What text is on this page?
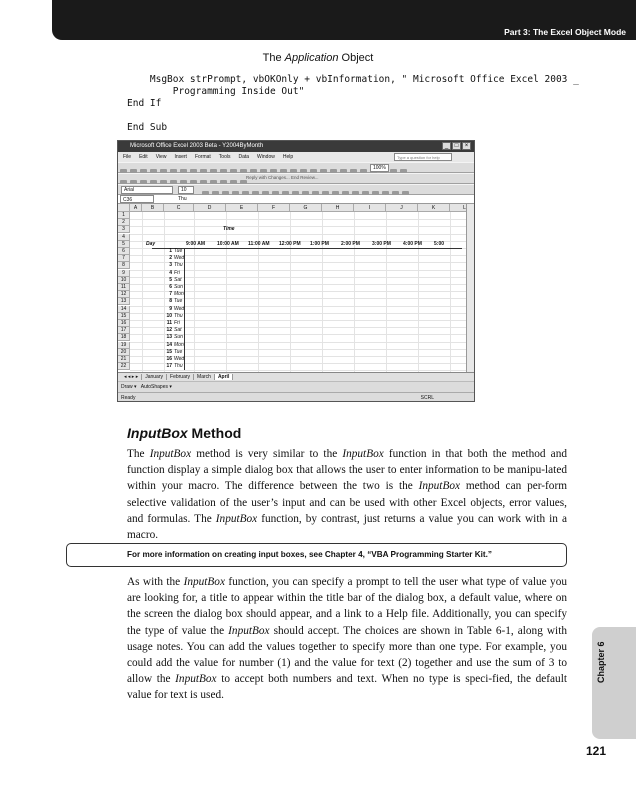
Part 3: The Excel Object Mode
The Application Object
MsgBox strPrompt, vbOKOnly + vbInformation, " Microsoft Office Excel 2003 _
Programming Inside Out"
End If
End Sub
Microsoft Office Excel 2003 Beta - Y2004ByMonth	_	□	×
File Edit View Insert Format Tools Data Window Help	Type a question for help
100%
Reply with Changes... End Review...
Arial	10
C36	Thu
A	B	C	D	E	F	G	H	I	J	K	L
1
2
3
4
5
6
7
8
9
10
11
12
13
14
15
16
17
18
19
20
21
22
Time
Day	9:00 AM 10:00 AM 11:00 AM 12:00 PM 1:00 PM 2:00 PM 3:00 PM 4:00 PM 5:00
1 Tue
2 Wed
3 Thu
4 Fri
5 Sat
6 Sun
7 Mon
8 Tue
9 Wed
10 Thu
11 Fri
12 Sat
13 Sun
14 Mon
15 Tue
16 Wed
17 Thu
◂ ◂ ▸ ▸ January February March April
Draw ▾ AutoShapes ▾
Ready	SCRL
InputBox Method
The InputBox method is very similar to the InputBox function in that both the method and function display a simple dialog box that allows the user to enter information to be manipu-lated within your macro. The difference between the two is the InputBox method can per-form selective validation of the user’s input and can be used with other Excel objects, error values, and formulas. The InputBox function, by contrast, just returns a value you can work with in a macro.
For more information on creating input boxes, see Chapter 4, “VBA Programming Starter Kit.”
As with the InputBox function, you can specify a prompt to tell the user what type of value you are looking for, a title to appear within the title bar of the dialog box, a default value, where on the screen the dialog box should appear, and a link to a Help file. Additionally, you can specify the type of value the InputBox should accept. The choices are shown in Table 6-1, along with usage notes. You can add the values together to specify more than one type. For example, you could add the value for number (1) and the value for text (2) together and use the sum of 3 to allow the InputBox to accept both numbers and text. When no type is speci-fied, the default value for text is used.
Chapter 6
121
